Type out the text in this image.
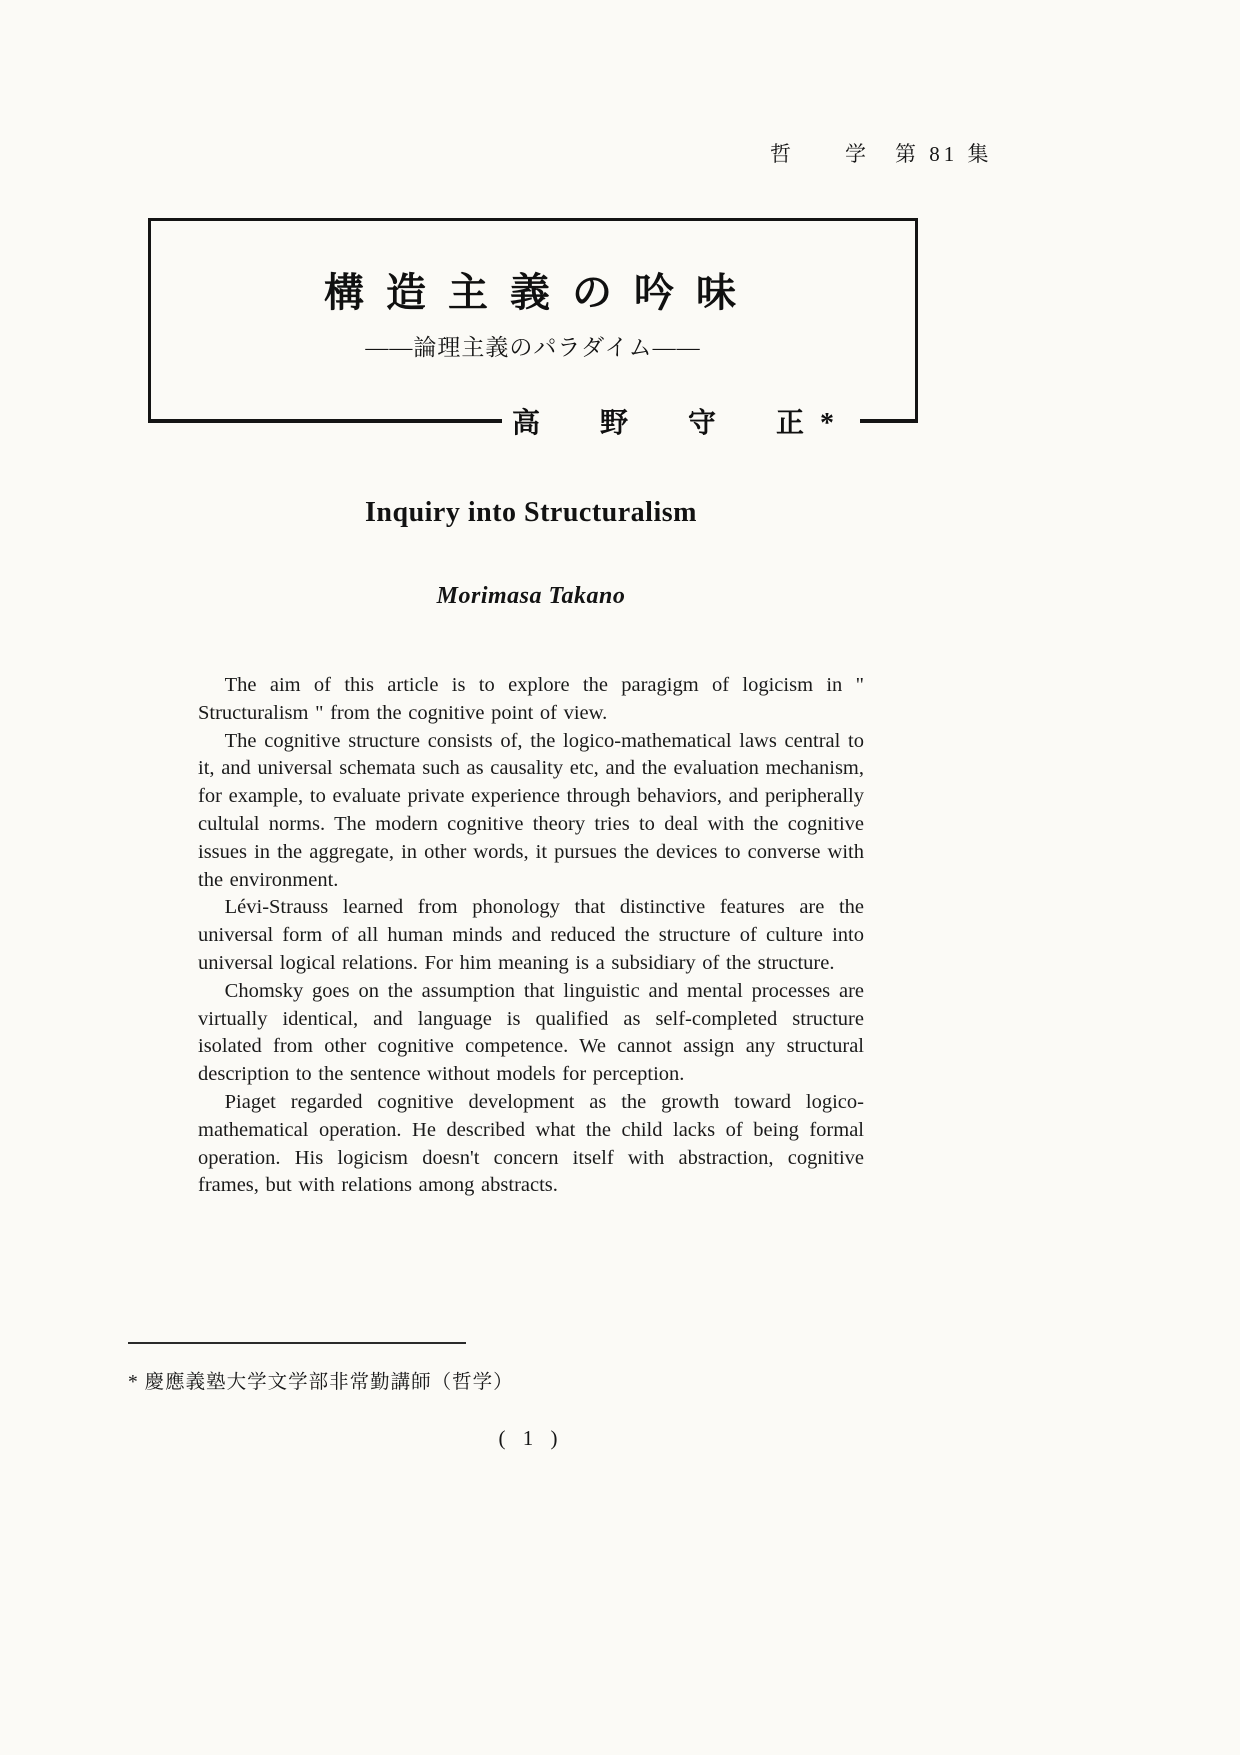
哲　　学　第 81 集
構 造 主 義 の 吟 味
――論理主義のパラダイム――
高　野　守　正*
Inquiry into Structuralism
Morimasa Takano

The aim of this article is to explore the paragigm of logicism in " Structuralism " from the cognitive point of view.

The cognitive structure consists of, the logico-mathematical laws central to it, and universal schemata such as causality etc, and the evaluation mechanism, for example, to evaluate private experience through behaviors, and peripherally cultulal norms. The modern cognitive theory tries to deal with the cognitive issues in the aggregate, in other words, it pursues the devices to converse with the environment.

Lévi-Strauss learned from phonology that distinctive features are the universal form of all human minds and reduced the structure of culture into universal logical relations. For him meaning is a subsidiary of the structure.

Chomsky goes on the assumption that linguistic and mental processes are virtually identical, and language is qualified as self-completed structure isolated from other cognitive competence. We cannot assign any structural description to the sentence without models for perception.

Piaget regarded cognitive development as the growth toward logico-mathematical operation. He described what the child lacks of being formal operation. His logicism doesn't concern itself with abstraction, cognitive frames, but with relations among abstracts.

* 慶應義塾大学文学部非常勤講師（哲学）
( 1 )
